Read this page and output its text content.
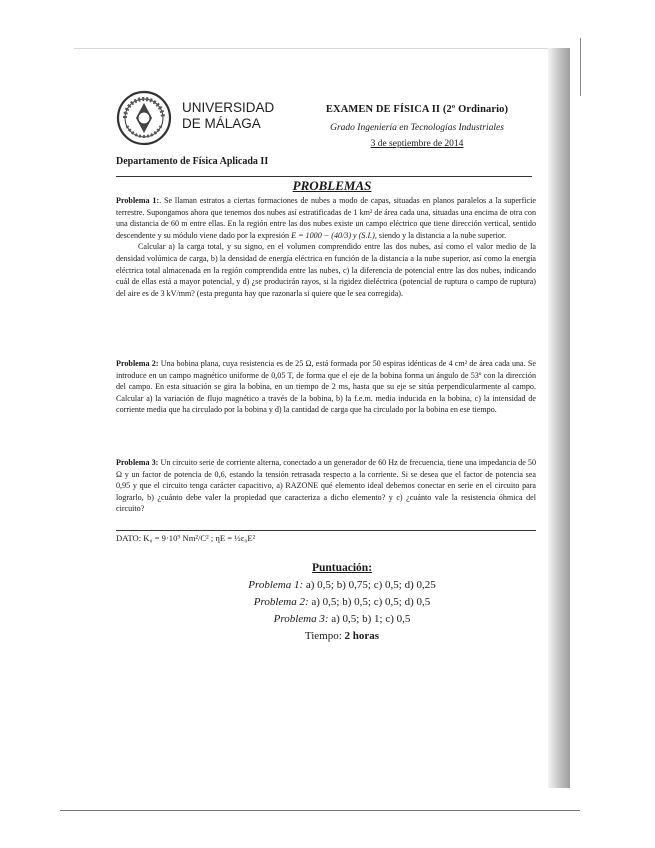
UNIVERSIDAD
DE MÁLAGA
Departamento de Física Aplicada II
EXAMEN DE FÍSICA II (2º Ordinario)
Grado Ingeniería en Tecnologías Industriales
3 de septiembre de 2014
PROBLEMAS

Problema 1:. Se llaman estratos a ciertas formaciones de nubes a modo de capas, situadas en planos paralelos a la superficie terrestre. Supongamos ahora que tenemos dos nubes así estratificadas de 1 km² de área cada una, situadas una encima de otra con una distancia de 60 m entre ellas. En la región entre las dos nubes existe un campo eléctrico que tiene dirección vertical, sentido descendente y su módulo viene dado por la expresión E = 1000 − (40/3) y (S.I.), siendo y la distancia a la nube superior.

Calcular a) la carga total, y su signo, en el volumen comprendido entre las dos nubes, así como el valor medio de la densidad volúmica de carga, b) la densidad de energía eléctrica en función de la distancia a la nube superior, así como la energía eléctrica total almacenada en la región comprendida entre las nubes, c) la diferencia de potencial entre las dos nubes, indicando cuál de ellas está a mayor potencial, y d) ¿se producirán rayos, si la rigidez dieléctrica (potencial de ruptura o campo de ruptura) del aire es de 3 kV/mm? (esta pregunta hay que razonarla si quiere que le sea corregida).

Problema 2: Una bobina plana, cuya resistencia es de 25 Ω, está formada por 50 espiras idénticas de 4 cm² de área cada una. Se introduce en un campo magnético uniforme de 0,05 T, de forma que el eje de la bobina forma un ángulo de 53º con la dirección del campo. En esta situación se gira la bobina, en un tiempo de 2 ms, hasta que su eje se sitúa perpendicularmente al campo. Calcular a) la variación de flujo magnético a través de la bobina, b) la f.e.m. media inducida en la bobina, c) la intensidad de corriente media que ha circulado por la bobina y d) la cantidad de carga que ha circulado por la bobina en ese tiempo.

Problema 3: Un circuito serie de corriente alterna, conectado a un generador de 60 Hz de frecuencia, tiene una impedancia de 50 Ω y un factor de potencia de 0,6, estando la tensión retrasada respecto a la corriente. Si se desea que el factor de potencia sea 0,95 y que el circuito tenga carácter capacitivo, a) RAZONE qué elemento ideal debemos conectar en serie en el circuito para lograrlo, b) ¿cuánto debe valer la propiedad que caracteriza a dicho elemento? y c) ¿cuánto vale la resistencia óhmica del circuito?

DATO: K₀ = 9·10⁹ Nm²/C² ; ηE = ½ε₀E²
Puntuación:
Problema 1: a) 0,5; b) 0,75; c) 0,5; d) 0,25
Problema 2: a) 0,5; b) 0,5; c) 0,5; d) 0,5
Problema 3: a) 0,5; b) 1; c) 0,5
Tiempo: 2 horas
